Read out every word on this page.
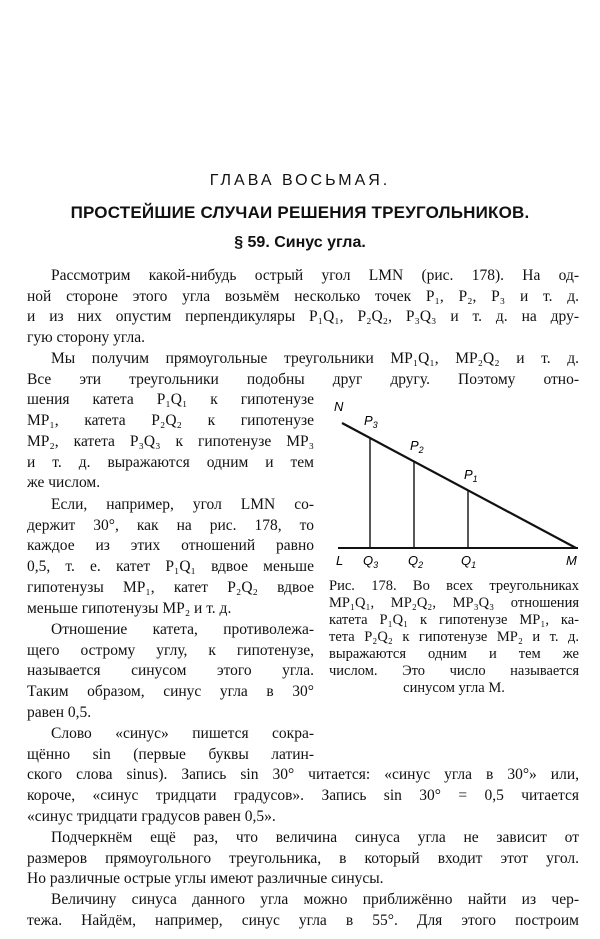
ГЛАВА ВОСЬМАЯ.
ПРОСТЕЙШИЕ СЛУЧАИ РЕШЕНИЯ ТРЕУГОЛЬНИКОВ.
§ 59. Синус угла.
Рассмотрим какой-нибудь острый угол LMN (рис. 178). На од-
ной стороне этого угла возьмём несколько точек P₁, P₂, P₃ и т. д.
и из них опустим перпендикуляры P₁Q₁, P₂Q₂, P₃Q₃ и т. д. на дру-
гую сторону угла.
Мы получим прямоугольные треугольники MP₁Q₁, MP₂Q₂ и т. д.
Все эти треугольники подобны друг другу. Поэтому отно-
шения катета P₁Q₁ к гипотенузе
MP₁, катета P₂Q₂ к гипотенузе
MP₂, катета P₃Q₃ к гипотенузе MP₃
и т. д. выражаются одним и тем
же числом.
Если, например, угол LMN со-
держит 30°, как на рис. 178, то
каждое из этих отношений равно
0,5, т. е. катет P₁Q₁ вдвое меньше
гипотенузы MP₁, катет P₂Q₂ вдвое
меньше гипотенузы MP₂ и т. д.
Отношение катета, противолежа-
щего острому углу, к гипотенузе,
называется синусом этого угла.
Таким образом, синус угла в 30°
равен 0,5.
Слово «синус» пишется сокра-
щённо sin (первые буквы латин-
ского слова sinus). Запись sin 30° читается: «синус угла в 30°» или,
короче, «синус тридцати градусов». Запись sin 30° = 0,5 читается
«синус тридцати градусов равен 0,5».
Подчеркнём ещё раз, что величина синуса угла не зависит от
размеров прямоугольного треугольника, в который входит этот угол.
Но различные острые углы имеют различные синусы.
Величину синуса данного угла можно приближённо найти из чер-
тежа. Найдём, например, синус угла в 55°. Для этого построим
N
$P_3$
$P_2$
$P_1$
L $Q_3$ $Q_2$	$Q_1$	M
Рис. 178. Во всех треугольниках
MP₁Q₁, MP₂Q₂, MP₃Q₃ отношения
катета P₁Q₁ к гипотенузе MP₁, ка-
тета P₂Q₂ к гипотенузе MP₂ и т. д.
выражаются одним и тем же
числом. Это число называется
синусом угла M.
